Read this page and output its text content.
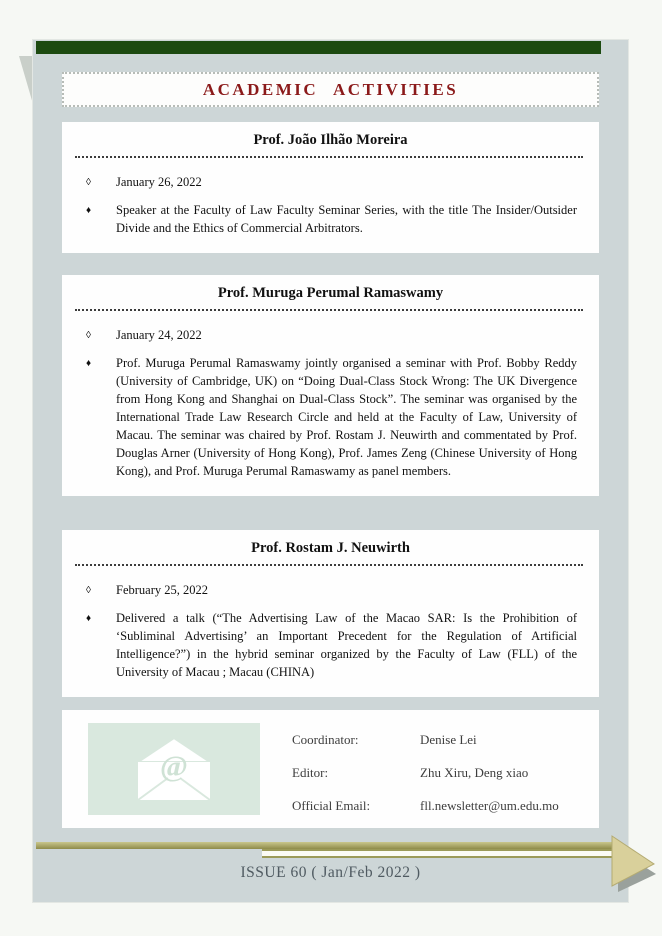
ACADEMIC ACTIVITIES
Prof. João Ilhão Moreira
◊	January 26, 2022
♦	Speaker at the Faculty of Law Faculty Seminar Series, with the title The Insider/Outsider Divide and the Ethics of Commercial Arbitrators.

Prof. Muruga Perumal Ramaswamy
◊	January 24, 2022
♦	Prof. Muruga Perumal Ramaswamy jointly organised a seminar with Prof. Bobby Reddy (University of Cambridge, UK) on “Doing Dual-Class Stock Wrong: The UK Divergence from Hong Kong and Shanghai on Dual-Class Stock”. The seminar was organised by the International Trade Law Research Circle and held at the Faculty of Law, University of Macau. The seminar was chaired by Prof. Rostam J. Neuwirth and commentated by Prof. Douglas Arner (University of Hong Kong), Prof. James Zeng (Chinese University of Hong Kong), and Prof. Muruga Perumal Ramaswamy as panel members.

Prof. Rostam J. Neuwirth
◊	February 25, 2022
♦	Delivered a talk (“The Advertising Law of the Macao SAR: Is the Prohibition of ‘Subliminal Advertising’ an Important Precedent for the Regulation of Artificial Intelligence?”) in the hybrid seminar organized by the Faculty of Law (FLL) of the University of Macau ; Macau (CHINA)

@
Coordinator:	Denise Lei
Editor:	Zhu Xiru, Deng xiao
Official Email:	fll.newsletter@um.edu.mo
ISSUE 60 ( Jan/Feb 2022 )
